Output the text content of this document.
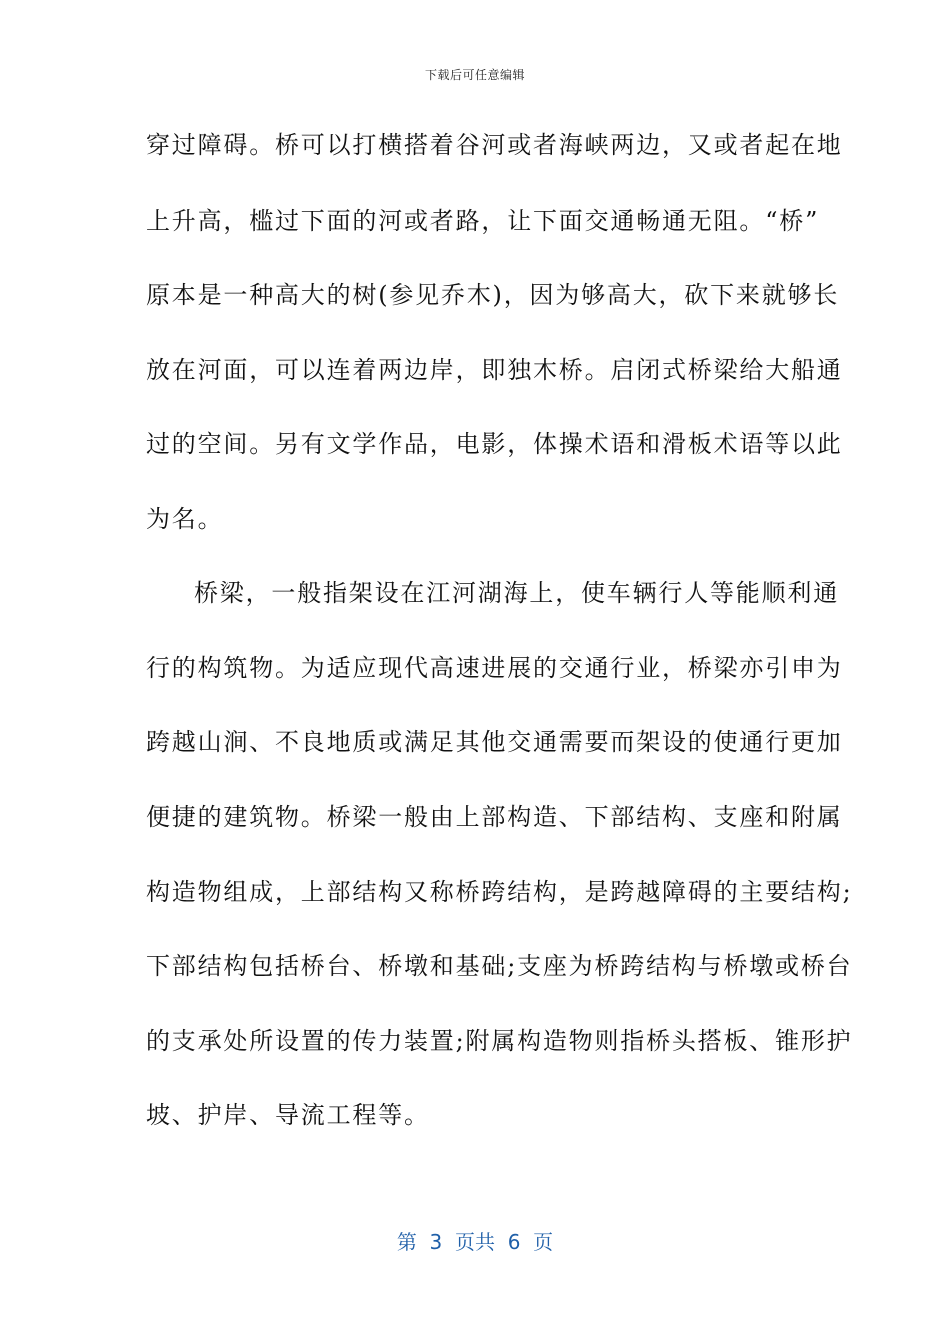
下载后可任意编辑
穿过障碍。桥可以打横搭着谷河或者海峡两边，又或者起在地
上升高，槛过下面的河或者路，让下面交通畅通无阻。“桥”
原本是一种高大的树(参见乔木)，因为够高大，砍下来就够长
放在河面，可以连着两边岸，即独木桥。启闭式桥梁给大船通
过的空间。另有文学作品，电影，体操术语和滑板术语等以此
为名。
桥梁，一般指架设在江河湖海上，使车辆行人等能顺利通
行的构筑物。为适应现代高速进展的交通行业，桥梁亦引申为
跨越山涧、不良地质或满足其他交通需要而架设的使通行更加
便捷的建筑物。桥梁一般由上部构造、下部结构、支座和附属
构造物组成，上部结构又称桥跨结构，是跨越障碍的主要结构;
下部结构包括桥台、桥墩和基础;支座为桥跨结构与桥墩或桥台
的支承处所设置的传力装置;附属构造物则指桥头搭板、锥形护
坡、护岸、导流工程等。
第  3  页共  6  页
